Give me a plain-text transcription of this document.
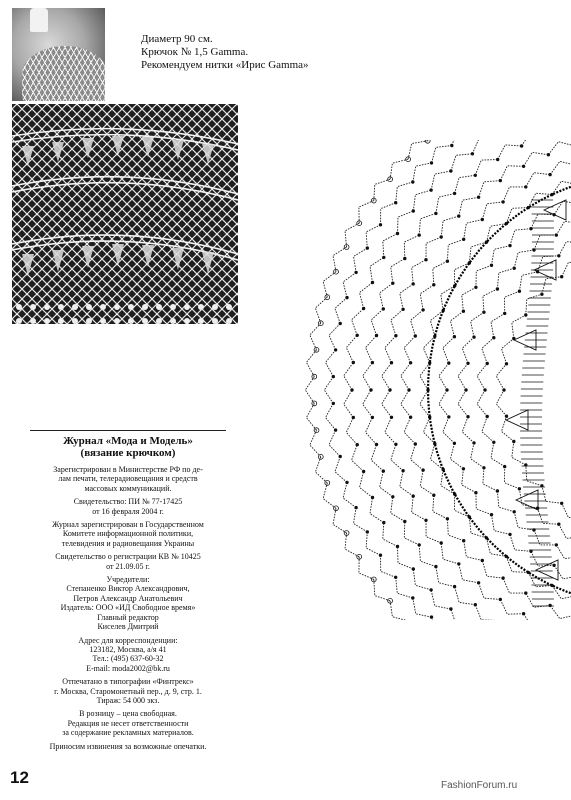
Диаметр 90 см.
Крючок № 1,5 Gamma.
Рекомендуем нитки «Ирис Gamma»
Журнал «Мода и Модель»
(вязание крючком)

Зарегистрирован в Министерстве РФ по де-

лам печати, телерадиовещания и средств

массовых коммуникаций.

Свидетельство: ПИ № 77-17425

от 16 февраля 2004 г.

Журнал зарегистрирован в Государственном

Комитете информационной политики,

телевидения и радиовещания Украины

Свидетельство о регистрации КВ № 10425

от 21.09.05 г.

Учредители:

Степаненко Виктор Александрович,

Петров Александр Анатольевич

Издатель: ООО «ИД Свободное время»

Главный редактор

Киселев Дмитрий

Адрес для корреспонденции:

123182, Москва, а/я 41

Тел.: (495) 637-60-32

E-mail: moda2002@bk.ru

Отпечатано в типографии «Финтрекс»

г. Москва, Старомонетный пер., д. 9, стр. 1.

Тираж: 54 000 экз.

В розницу – цена свободная.

Редакция не несет ответственности

за содержание рекламных материалов.

Приносим извинения за возможные опечатки.

12	FashionForum.ru
